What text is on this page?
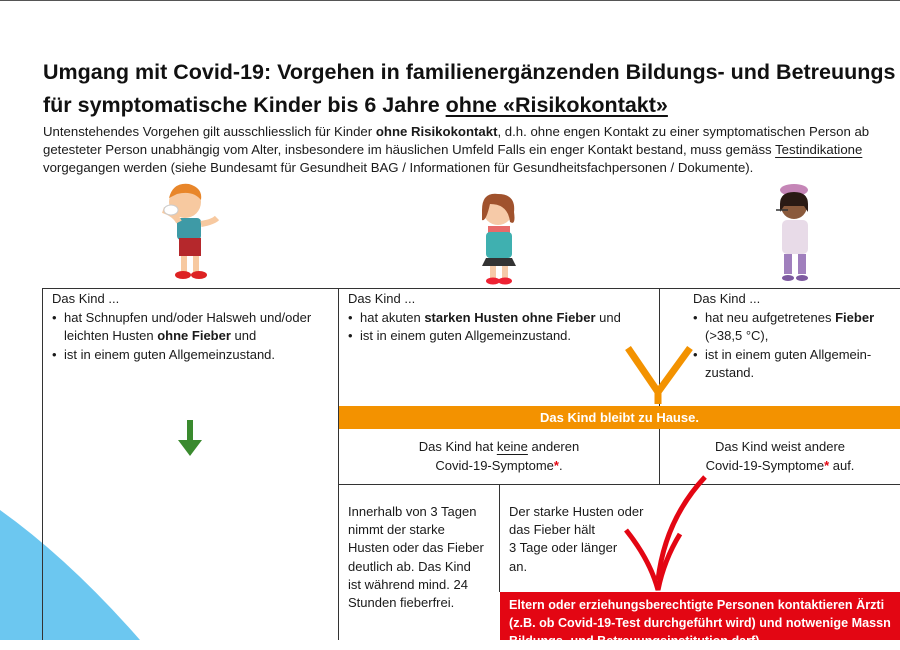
Umgang mit Covid-19: Vorgehen in familienergänzenden Bildungs- und Betreuungs
für symptomatische Kinder bis 6 Jahre ohne «Risikokontakt»
Untenstehendes Vorgehen gilt ausschliesslich für Kinder ohne Risikokontakt, d.h. ohne engen Kontakt zu einer symptomatischen Person ab
getesteter Person unabhängig vom Alter, insbesondere im häuslichen Umfeld Falls ein enger Kontakt bestand, muss gemäss Testindikatione
vorgegangen werden (siehe Bundesamt für Gesundheit BAG / Informationen für Gesundheitsfachpersonen / Dokumente).
Das Kind ...
• hat Schnupfen und/oder Halsweh und/oder
leichten Husten ohne Fieber und
• ist in einem guten Allgemeinzustand.
Das Kind ...
• hat akuten starken Husten ohne Fieber und
• ist in einem guten Allgemeinzustand.
Das Kind ...
• hat neu aufgetretenes Fieber
(>38,5 °C),
• ist in einem guten Allgemein-
zustand.
Das Kind bleibt zu Hause.
Das Kind hat keine anderen
Covid-19-Symptome*.
Das Kind weist andere
Covid-19-Symptome* auf.
Innerhalb von 3 Tagen
nimmt der starke
Husten oder das Fieber
deutlich ab. Das Kind
ist während mind. 24
Stunden fieberfrei.
Der starke Husten oder
das Fieber hält
3 Tage oder länger
an.
Eltern oder erziehungsberechtigte Personen kontaktieren Ärzti
(z.B. ob Covid-19-Test durchgeführt wird) und notwenige Massn
Bildungs- und Betreuungsinstitution darf)
